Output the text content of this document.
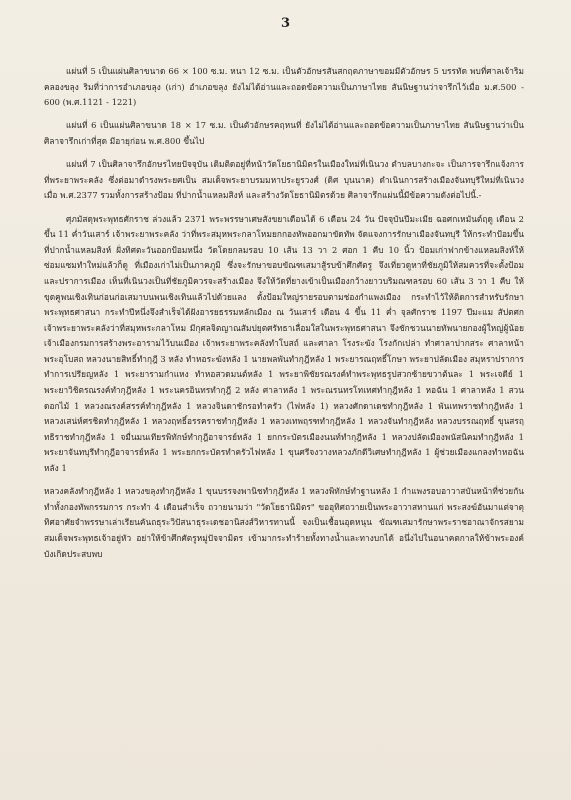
3

แผ่นที่ 5 เป็นแผ่นศิลาขนาด 66 × 100 ซ.ม. หนา 12 ซ.ม. เป็นตัวอักษรสันสกฤตภาษาขอมมีตัวอักษร 5 บรรทัด พบที่ศาลเจ้าริมคลองขลุง ริมที่ว่าการอำเภอขลุง (เก่า) อำเภอขลุง ยังไม่ได้อ่านและถอดข้อความเป็นภาษาไทย สันนิษฐานว่าจารึกไว้เมื่อ ม.ศ.500 - 600 (พ.ศ.1121 - 1221)

แผ่นที่ 6 เป็นแผ่นศิลาขนาด 18 × 17 ซ.ม. เป็นตัวอักษรคฤหนที่ ยังไม่ได้อ่านและถอดข้อความเป็นภาษาไทย สันนิษฐานว่าเป็นศิลาจารึกเก่าที่สุด มีอายุก่อน พ.ศ.800 ขึ้นไป

แผ่นที่ 7 เป็นศิลาจารึกอักษรไทยปัจจุบัน เดิมติดอยู่ที่หน้าวัดโยธานิมิตรในเมืองใหม่ที่เนินวง ตำบลบางกะจะ เป็นการจารึกแจ้งการที่พระยาพระคลัง ซึ่งต่อมาดำรงพระยศเป็น สมเด็จพระยาบรมมหาประยูรวงศ์ (ดิศ บุนนาค) ดำเนินการสร้างเมืองจันทบุรีใหม่ที่เนินวง เมื่อ พ.ศ.2377 รวมทั้งการสร้างป้อม ที่ปากน้ำแหลมสิงห์ และสร้างวัดโยธานิมิตรด้วย ศิลาจารึกแผ่นนี้มีข้อความดังต่อไปนี้.-

ศุภมัสดุพระพุทธศักราช ล่วงแล้ว 2371 พระพรรษาเศษสังขยาเดือนได้ 6 เดือน 24 วัน ปัจจุบันปีมะเมีย ฉอศกเหมันต์ฤดู เดือน 2 ขึ้น 11 ค่ำวันเสาร์ เจ้าพระยาพระคลัง ว่าที่พระสมุหพระกลาโหมยกกองทัพออกมาขัดทัพ จัดแจงการรักษาเมืองจันทบุรี ให้กระทำป้อมขึ้นที่ปากน้ำแหลมสิงห์ ฝั่งทิศตะวันออกป้อมหนึ่ง วัดโดยกลมรอบ 10 เส้น 13 วา 2 ศอก 1 คืบ 10 นิ้ว ป้อมเก่าฟากข้างแหลมสิงห์ให้ซ่อมแซมทำใหม่แล้วก็ดู ที่เมืองเก่าไม่เป็นภาคภูมิ ซึ่งจะรักษาขอบขัณฑเสมาสู้รบข้าศึกศัตรู จึงเที่ยวดูหาที่ชัยภูมิให้สมควรที่จะตั้งป้อมและปราการเมือง เห็นที่เนินวงเป็นที่ชัยภูมิควรจะสร้างเมือง จึงให้วัดที่ยางเข้าเป็นเมืองกว้างยาวบริมณฑลรอบ 60 เส้น 3 วา 1 คืบ ให้ขุดคูพนเชิงเทินก่อนก่อเสมาบนพนเชิงเทินแล้วไปด้วยแลง ตั้งป้อมใหญ่รายรอบตามช่องกำแพงเมือง กระทำไว้ให้ติดการสำหรับรักษาพระพุทธศาสนา กระทำปีหนึ่งจึงสำเร็จได้ฝังอารยธรรมหลักเมือง ณ วันเสาร์ เดือน 4 ขึ้น 11 ค่ำ จุลศักราช 1197 ปีมะแม สัปตศก เจ้าพระยาพระคลังว่าที่สมุหพระกลาโหม มีกุศลจิตญาณสัมปยุตศรัทธาเลื่อมใสในพระพุทธศาสนา จึงชักชวนนายทัพนายกองผู้ใหญ่ผู้น้อยเจ้าเมืองกรมการสร้างพระอารามไว้บนเมือง เจ้าพระยาพระคลังทำโบสถ์ และศาลา โรงระฆัง โรงกักเปล่า ทำศาลาปากสระ ศาลาหน้าพระอุโบสถ หลวงนายสิทธิ์ทำกุฎี 3 หลัง ทำหอระฆังหลัง 1 นายพลพันทำกุฎีหลัง 1 พระยารณฤทธิ์โกษา พระยาปลัดเมือง สมุหราปราการทำการเปรียญหลัง 1 พระยารามกำแหง ทำหอสวดมนต์หลัง 1 พระยาพิชัยรณรงค์ทำพระพุทธรูปสวกซ้ายขวาต้นละ 1 พระเจดีย์ 1 พระยาวิชิตรณรงค์ทำกุฎีหลัง 1 พระนครอินทรทำกุฎี 2 หลัง ศาลาหลัง 1 พระณรนทรโทเทศทำกุฎีหลัง 1 หอฉัน 1 ศาลาหลัง 1 สวนดอกไม้ 1 หลวงณรงค์สรรค์ทำกุฎีหลัง 1 หลวงจินดาชักรอทำครัว (ไฟหลัง 1) หลวงศักดาเดชทำกุฎีหลัง 1 พันเทพราชทำกุฎีหลัง 1 หลวงเสน่ห์ศรชิตทำกุฎีหลัง 1 หลวงฤทธิ์อรรคราชทำกุฎีหลัง 1 หลวงเทพฤรฑทำกุฎีหลัง 1 หลวงจันทำกุฎีหลัง หลวงบรรณฤทธิ์ ขุนสรฤทธิราชทำกุฎีหลัง 1 จมื่นมนเทียรพิทักษ์ทำกุฎีอาจารย์หลัง 1 ยกกระบัตรเมืองนนท์ทำกุฎีหลัง 1 หลวงปลัดเมืองพนัสนิคมทำกุฎีหลัง 1 พระยาจันทบุรีทำกุฎีอาจารย์หลัง 1 พระยกกระบัตรทำครัวไฟหลัง 1 ขุนศรีจงวางหลวงภักดีวิเศษทำกุฎีหลัง 1 ผู้ช่วยเมืองแกลงทำหอฉันหลัง 1

หลวงคลังทำกุฎีหลัง 1 หลวงขลุงทำกุฎีหลัง 1 ขุนบรรจงพานิชทำกุฎีหลัง 1 หลวงพิทักษ์ทำฐานหลัง 1 กำแพงรอบอาวาสบันหน้าที่ช่วยกันทำทั้งกองทัพกรรมการ กระทำ 4 เดือนสำเร็จ ถวายนามว่า "วัดโยธานิมิตร" ขออุทิศถวายเป็นพระอาวาสทานแก่ พระสงฆ์อันมาแต่จาตุทิศอาศัยจำพรรษาเล่าเรียนคันถธุระวิปัสนาธุระเดชอานิสงส์วิหารทานนี้ จงเป็นเชื้อนอุดหนุน ขัณฑเสมารักษาพระราชอาณาจักรสยามสมเด็จพระพุทธเจ้าอยู่หัว อย่าให้ข้าศึกศัตรูหมู่ปัจจามิตร เข้ามากระทำร้ายทั้งทางน้ำและทางบกได้ อนึ่งไปในอนาคตกาลให้ข้าพระองค์บังเกิดประสบพบ
